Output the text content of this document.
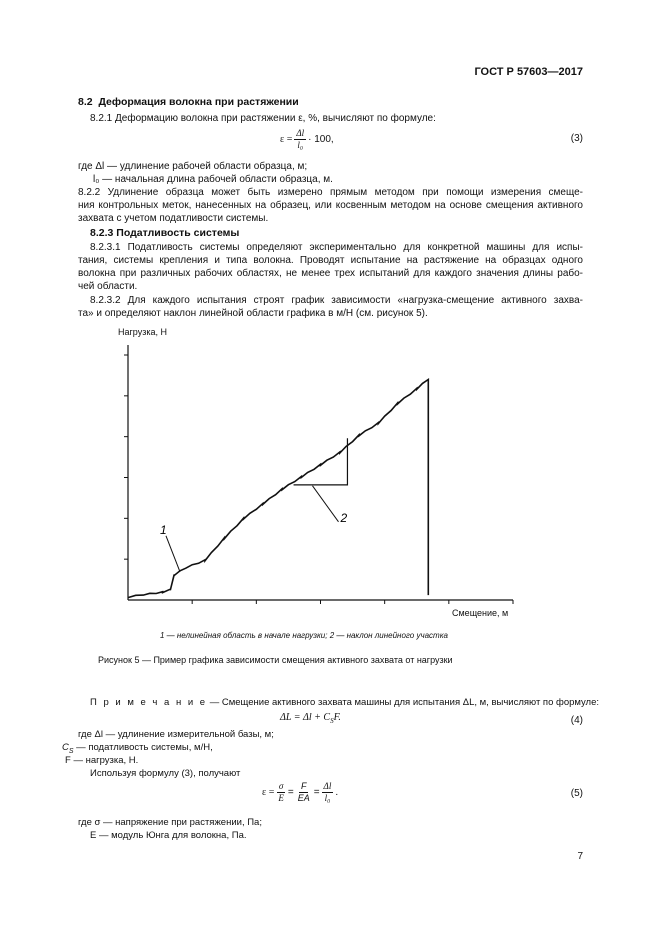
ГОСТ Р 57603—2017
8.2 Деформация волокна при растяжении
8.2.1 Деформацию волокна при растяжении ε, %, вычисляют по формуле:
$\varepsilon = \frac{\Delta l}{\text{l₀}} \cdot 100$,	(3)
где Δl — удлинение рабочей области образца, м;
l₀ — начальная длина рабочей области образца, м.
8.2.2 Удлинение образца может быть измерено прямым методом при помощи измерения смеще-
ния контрольных меток, нанесенных на образец, или косвенным методом на основе смещения активного
захвата с учетом податливости системы.
8.2.3 Податливость системы
8.2.3.1 Податливость системы определяют экспериментально для конкретной машины для испы-
тания, системы крепления и типа волокна. Проводят испытание на растяжение на образцах одного
волокна при различных рабочих областях, не менее трех испытаний для каждого значения длины рабо-
чей области.
8.2.3.2 Для каждого испытания строят график зависимости «нагрузка-смещение активного захва-
та» и определяют наклон линейной области графика в м/Н (см. рисунок 5).
Нагрузка, Н
Смещение, м
1
2
1 — нелинейная область в начале нагрузки; 2 — наклон линейного участка
Рисунок 5 — Пример графика зависимости смещения активного захвата от нагрузки
П р и м е ч а н и е — Смещение активного захвата машины для испытания ΔL, м, вычисляют по формуле:
$\Delta L = \Delta l + C_SF$.	(4)
где Δl — удлинение измерительной базы, м;
$C_S$ — податливость системы, м/Н,
F — нагрузка, Н.
Используя формулу (3), получают
$\varepsilon = \frac{\sigma}{E} = \frac{F}{EA} = \frac{\Delta l}{\text{l₀}}$ .	(5)
где σ — напряжение при растяжении, Па;
E — модуль Юнга для волокна, Па.
7
